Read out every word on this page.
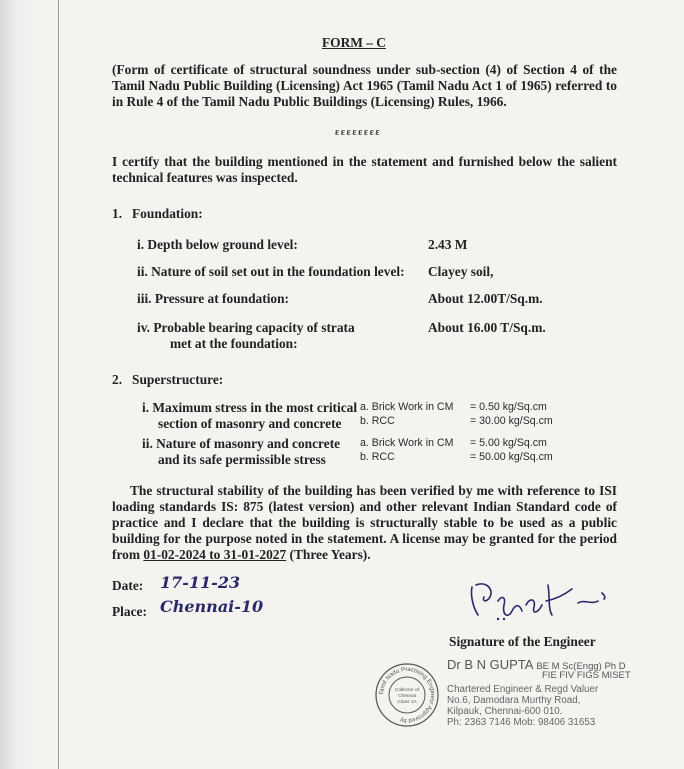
FORM – C
(Form of certificate of structural soundness under sub-section (4) of Section 4 of the Tamil Nadu Public Building (Licensing) Act 1965 (Tamil Nadu Act 1 of 1965) referred to in Rule 4 of the Tamil Nadu Public Buildings (Licensing) Rules, 1966.
εεεεεεεε
I certify that the building mentioned in the statement and furnished below the salient technical features was inspected.
1. Foundation:
i. Depth below ground level:	2.43 M
ii. Nature of soil set out in the foundation level: Clayey soil,
iii. Pressure at foundation:	About 12.00T/Sq.m.
iv. Probable bearing capacity of strata
met at the foundation:
About 16.00 T/Sq.m.
2. Superstructure:
i. Maximum stress in the most critical
section of masonry and concrete
a. Brick Work in CM = 0.50 kg/Sq.cm
b. RCC	= 30.00 kg/Sq.cm
ii. Nature of masonry and concrete
and its safe permissible stress
a. Brick Work in CM = 5.00 kg/Sq.cm
b. RCC	= 50.00 kg/Sq.cm
The structural stability of the building has been verified by me with reference to ISI loading standards IS: 875 (latest version) and other relevant Indian Standard code of practice and I declare that the building is structurally stable to be used as a public building for the purpose noted in the statement. A license may be granted for the period from 01-02-2024 to 31-01-2027 (Three Years).
Date: 17-11-23
Place: Chennai-10
Signature of the Engineer
Dr B N GUPTA BE M Sc(Engg) Ph D
FIE FIV FIGS MISET
Chartered Engineer & Regd Valuer
No.6, Damodara Murthy Road,
Kilpauk, Chennai-600 010.
Ph: 2363 7146 Mob: 98406 31653
Tamil Nadu Practising Engineer Approved by
Collector of
Chennai
Class 1A
